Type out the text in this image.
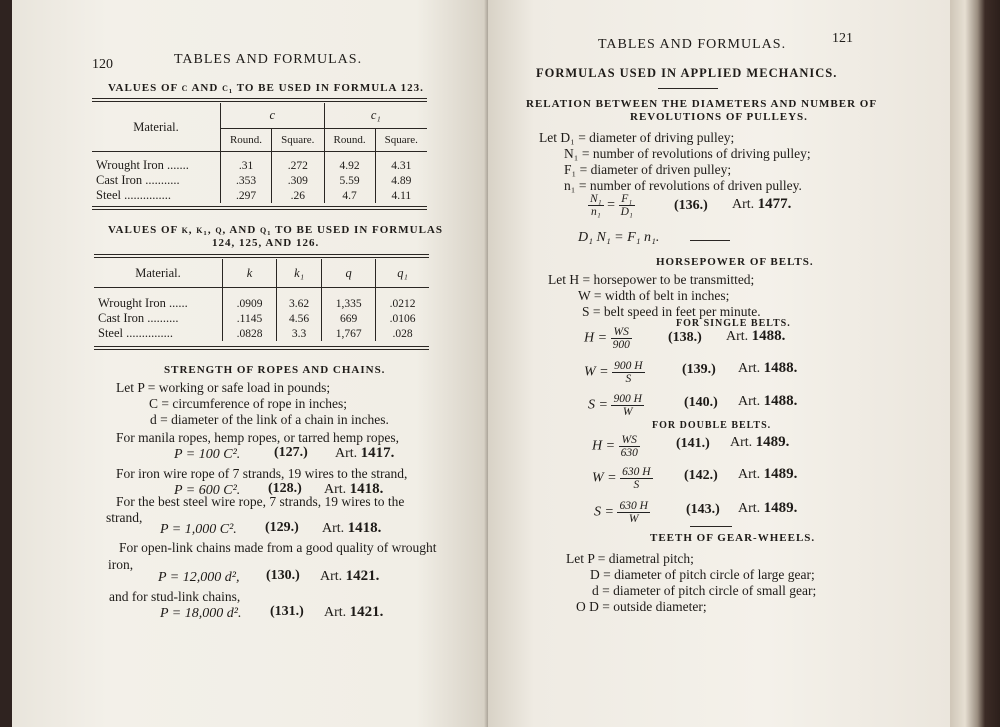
120	TABLES AND FORMULAS.
VALUES OF c AND c₁ TO BE USED IN FORMULA 123.
Material.	c		c₁	
	Round.	Square.	Round.	Square.
Wrought Iron .......	.31	.272	4.92	4.31
Cast Iron ...........	.353	.309	5.59	4.89
Steel ...............	.297	.26	4.7	4.11
VALUES OF k, k₁, q, AND q₁ TO BE USED IN FORMULAS
124, 125, AND 126.
Material.	k	k₁	q	q₁
Wrought Iron ......	.0909	3.62	1,335	.0212
Cast Iron ..........	.1145	4.56	669	.0106
Steel ...............	.0828	3.3	1,767	.028
STRENGTH OF ROPES AND CHAINS.
Let P = working or safe load in pounds;
C = circumference of rope in inches;
d = diameter of the link of a chain in inches.
For manila ropes, hemp ropes, or tarred hemp ropes,
P = 100 C². (127.) Art. 1417.
For iron wire rope of 7 strands, 19 wires to the strand,
P = 600 C². (128.) Art. 1418.
For the best steel wire rope, 7 strands, 19 wires to the
strand,
P = 1,000 C². (129.) Art. 1418.
For open-link chains made from a good quality of wrought
iron,
P = 12,000 d², (130.) Art. 1421.
and for stud-link chains,
P = 18,000 d². (131.) Art. 1421.
TABLES AND FORMULAS.	121
FORMULAS USED IN APPLIED MECHANICS.
RELATION BETWEEN THE DIAMETERS AND NUMBER OF
REVOLUTIONS OF PULLEYS.
Let D₁ = diameter of driving pulley;
N₁ = number of revolutions of driving pulley;
F₁ = diameter of driven pulley;
n₁ = number of revolutions of driven pulley.
$\frac{\text{N₁}}{\text{n₁}} = \frac{\text{F₁}}{\text{D₁}}$	(136.) Art. 1477.
D₁ N₁ = F₁ n₁.
HORSEPOWER OF BELTS.
Let H = horsepower to be transmitted;
W = width of belt in inches;
S = belt speed in feet per minute.
FOR SINGLE BELTS.
$H = \frac{WS}{900}$	(138.) Art. 1488.
$W = \frac{900 H}{S}$	(139.) Art. 1488.
$S = \frac{900 H}{W}$	(140.) Art. 1488.
FOR DOUBLE BELTS.
$H = \frac{WS}{630}$	(141.) Art. 1489.
$W = \frac{630 H}{S} (142.)$ Art. 1489.
$S = \frac{630 H}{W}$	(143.) Art. 1489.
TEETH OF GEAR-WHEELS.
Let P = diametral pitch;
D = diameter of pitch circle of large gear;
d = diameter of pitch circle of small gear;
O D = outside diameter;
